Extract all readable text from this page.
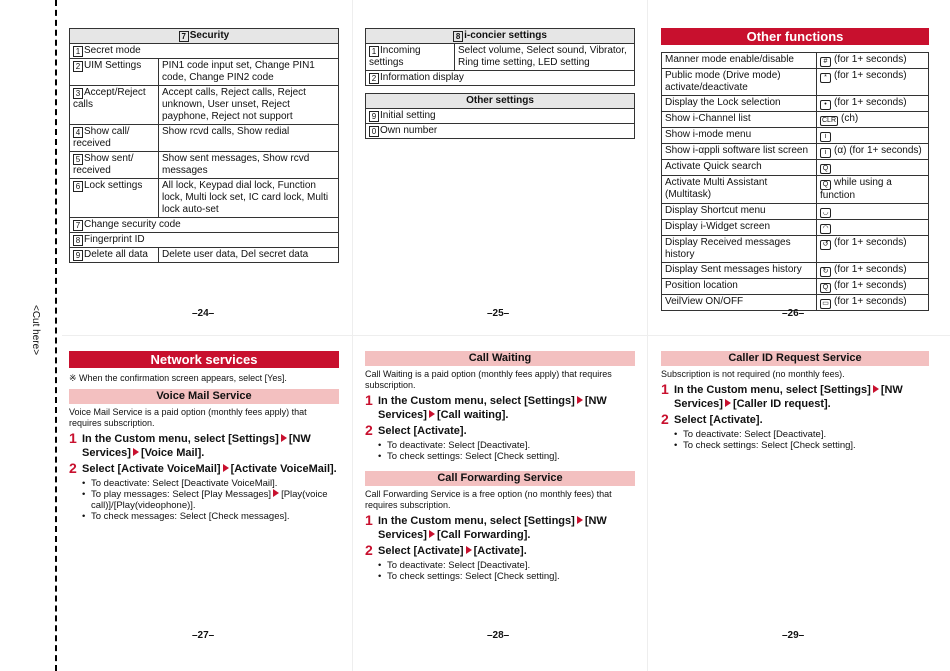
<Cut here>
7 Security	
1 Secret mode	
2 UIM Settings	PIN1 code input set, Change PIN1 code, Change PIN2 code
3 Accept/Reject calls	Accept calls, Reject calls, Reject unknown, User unset, Reject payphone, Reject not support
4 Show call/ received	Show rcvd calls, Show redial
5 Show sent/ received	Show sent messages, Show rcvd messages
6 Lock settings	All lock, Keypad dial lock, Function lock, Multi lock set, IC card lock, Multi lock auto-set
7 Change security code	
8 Fingerprint ID	
9 Delete all data	Delete user data, Del secret data
–24–
8 i-concier settings
1 Incoming settings	Select volume, Select sound, Vibrator, Ring time setting, LED setting
2 Information display
Other settings
9 Initial setting
0 Own number
–25–
Other functions
Manner mode enable/disable	# (for 1+ seconds)
Public mode (Drive mode) activate/deactivate	* (for 1+ seconds)
Display the Lock selection	• (for 1+ seconds)
Show i-Channel list	CLR (ch)
Show i-mode menu	i
Show i-αppli software list screen	i (α) (for 1+ seconds)
Activate Quick search	Q
Activate Multi Assistant (Multitask)	Q while using a function
Display Shortcut menu	◡
Display i-Widget screen	◠
Display Received messages history	↺ (for 1+ seconds)
Display Sent messages history	↻ (for 1+ seconds)
Position location	Q (for 1+ seconds)
VeilView ON/OFF	▭ (for 1+ seconds)
–26–
Network services
※ When the confirmation screen appears, select [Yes].
Voice Mail Service
Voice Mail Service is a paid option (monthly fees apply) that requires subscription.
1 In the Custom menu, select [Settings] [NW Services] [Voice Mail].
2 Select [Activate VoiceMail] [Activate VoiceMail].
• To deactivate: Select [Deactivate VoiceMail].
• To play messages: Select [Play Messages] [Play(voice call)]/[Play(videophone)].
• To check messages: Select [Check messages].
–27–
Call Waiting
Call Waiting is a paid option (monthly fees apply) that requires subscription.
1 In the Custom menu, select [Settings] [NW Services] [Call waiting].
2 Select [Activate].
• To deactivate: Select [Deactivate].
• To check settings: Select [Check setting].
Call Forwarding Service
Call Forwarding Service is a free option (no monthly fees) that requires subscription.
1 In the Custom menu, select [Settings] [NW Services] [Call Forwarding].
2 Select [Activate] [Activate].
• To deactivate: Select [Deactivate].
• To check settings: Select [Check setting].
–28–
Caller ID Request Service
Subscription is not required (no monthly fees).
1 In the Custom menu, select [Settings] [NW Services] [Caller ID request].
2 Select [Activate].
• To deactivate: Select [Deactivate].
• To check settings: Select [Check setting].
–29–
